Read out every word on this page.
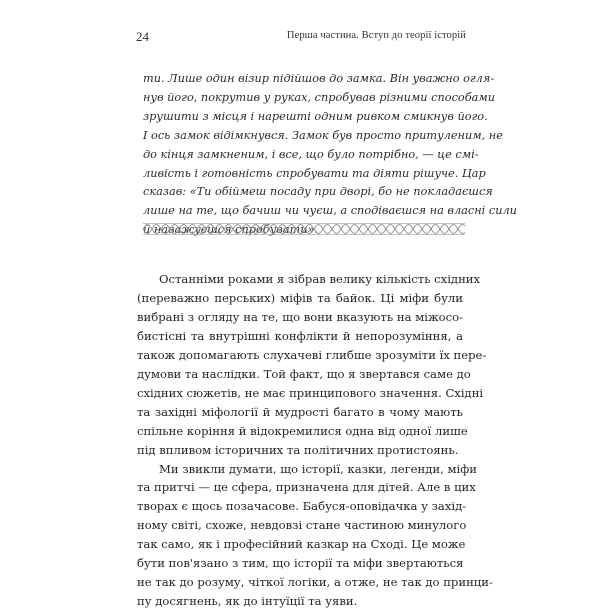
24	Перша частина. Вступ до теорії історій
ти. Лише один візир підійшов до замка. Він уважно огля-
нув його, покрутив у руках, спробував різними способами
зрушити з місця і нарешті одним ривком смикнув його.
І ось замок відімкнувся. Замок був просто притуленим, не
до кінця замкненим, і все, що було потрібно, — це смі-
ливість і готовність спробувати та діяти рішуче. Цар
сказав: «Ти обіймеш посаду при дворі, бо не покладаєшся
лише на те, що бачиш чи чуєш, а сподіваєшся на власні сили
й наважуєшся спробувати».
Останніми роками я зібрав велику кількість східних
(переважно перських) міфів та байок. Ці міфи були
вибрані з огляду на те, що вони вказують на міжосо-
бистісні та внутрішні конфлікти й непорозуміння, а
також допомагають слухачеві глибше зрозуміти їх пере-
думови та наслідки. Той факт, що я звертався саме до
східних сюжетів, не має принципового значення. Східні
та західні міфології й мудрості багато в чому мають
спільне коріння й відокремилися одна від одної лише
під впливом історичних та політичних протистоянь.
Ми звикли думати, що історії, казки, легенди, міфи
та притчі — це сфера, призначена для дітей. Але в цих
творах є щось позачасове. Бабуся-оповідачка у захід-
ному світі, схоже, невдовзі стане частиною минулого
так само, як і професійний казкар на Сході. Це може
бути пов'язано з тим, що історії та міфи звертаються
не так до розуму, чіткої логіки, а отже, не так до принци-
пу досягнень, як до інтуїції та уяви.
